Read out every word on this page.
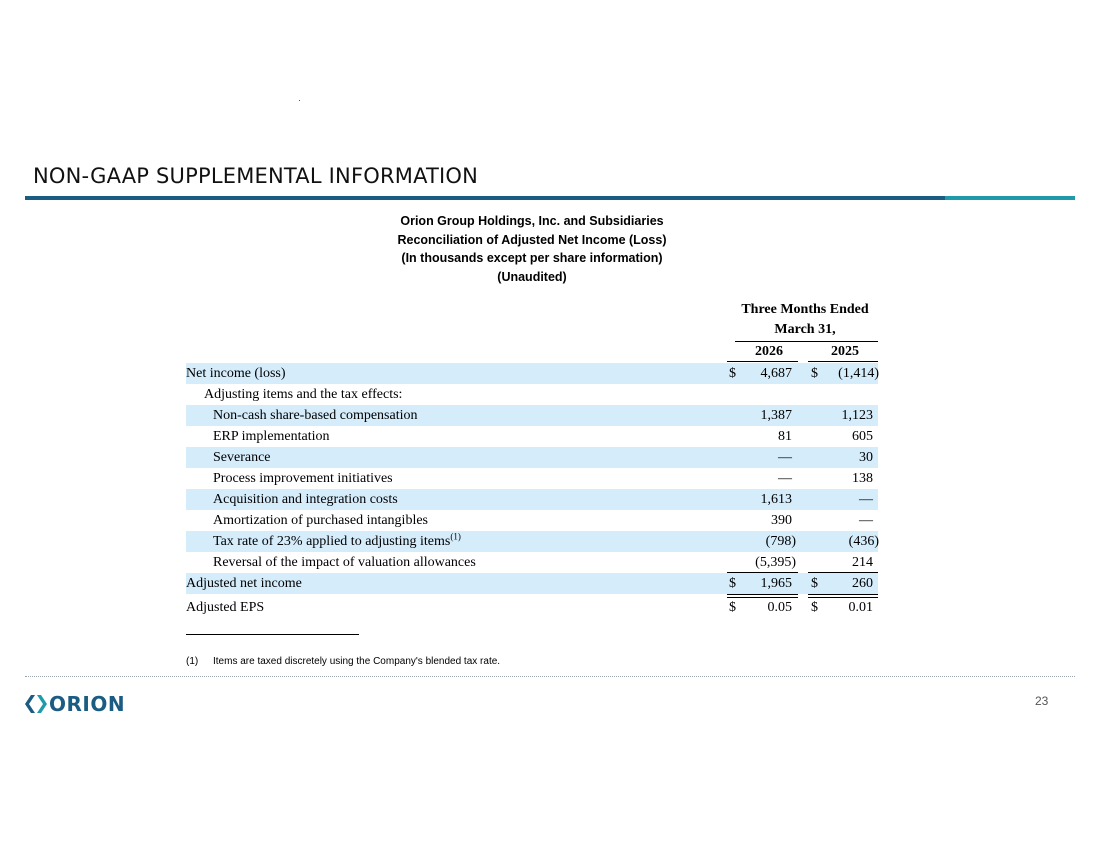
NON-GAAP SUPPLEMENTAL INFORMATION
Orion Group Holdings, Inc. and Subsidiaries
Reconciliation of Adjusted Net Income (Loss)
(In thousands except per share information)
(Unaudited)
Three Months Ended
March 31,
2026	2025
Net income (loss)	$ 4,687 $ (1,414)
Adjusting items and the tax effects:
Non-cash share-based compensation	1,387	1,123
ERP implementation	81	605
Severance	—	30
Process improvement initiatives	—	138
Acquisition and integration costs	1,613	—
Amortization of purchased intangibles	390	—
Tax rate of 23% applied to adjusting items$^{(1)}$	(798)	(436)
Reversal of the impact of valuation allowances	(5,395)	214
Adjusted net income	$ 1,965 $ 260
Adjusted EPS	$ 0.05 $ 0.01
(1) Items are taxed discretely using the Company's blended tax rate.
ORION	23
